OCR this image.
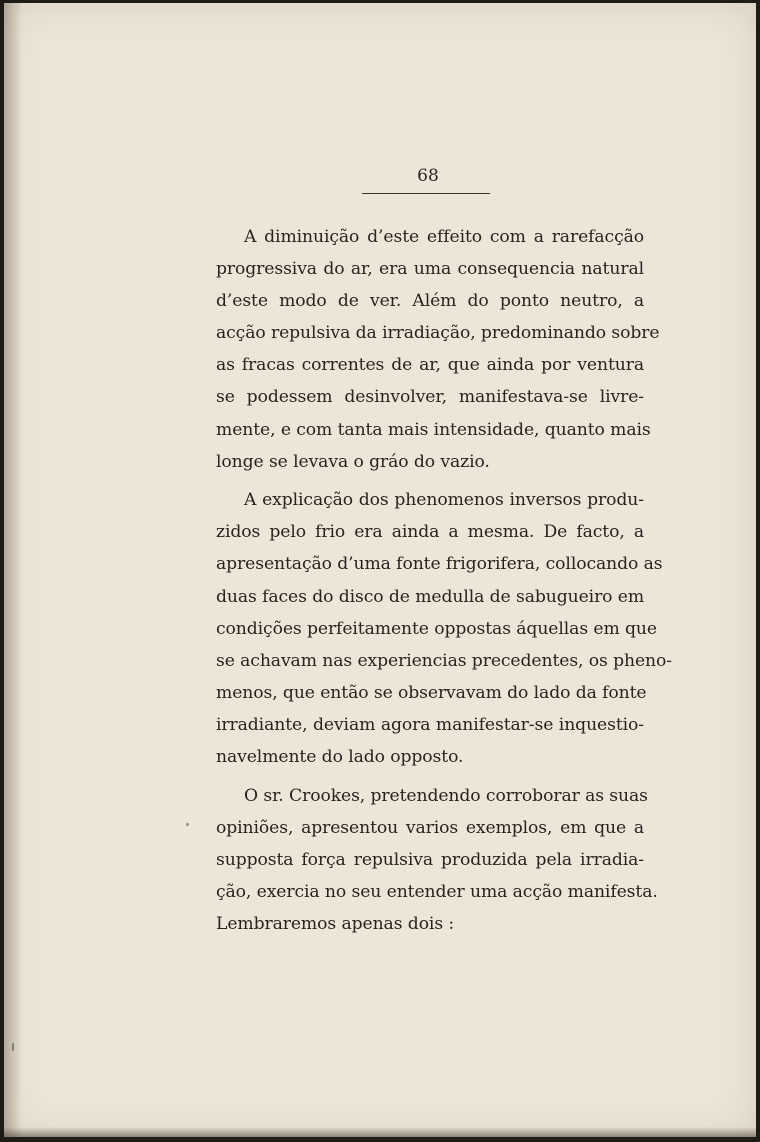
68
A diminuição d’este effeito com a rarefacção
progressiva do ar, era uma consequencia natural
d’este modo de ver. Além do ponto neutro, a
acção repulsiva da irradiação, predominando sobre
as fracas correntes de ar, que ainda por ventura
se podessem desinvolver, manifestava-se livre-
mente, e com tanta mais intensidade, quanto mais
longe se levava o gráo do vazio.
A explicação dos phenomenos inversos produ-
zidos pelo frio era ainda a mesma. De facto, a
apresentação d’uma fonte frigorifera, collocando as
duas faces do disco de medulla de sabugueiro em
condições perfeitamente oppostas áquellas em que
se achavam nas experiencias precedentes, os pheno-
menos, que então se observavam do lado da fonte
irradiante, deviam agora manifestar-se inquestio-
navelmente do lado opposto.
O sr. Crookes, pretendendo corroborar as suas
opiniões, apresentou varios exemplos, em que a
supposta força repulsiva produzida pela irradia-
ção, exercia no seu entender uma acção manifesta.
Lembraremos apenas dois :
